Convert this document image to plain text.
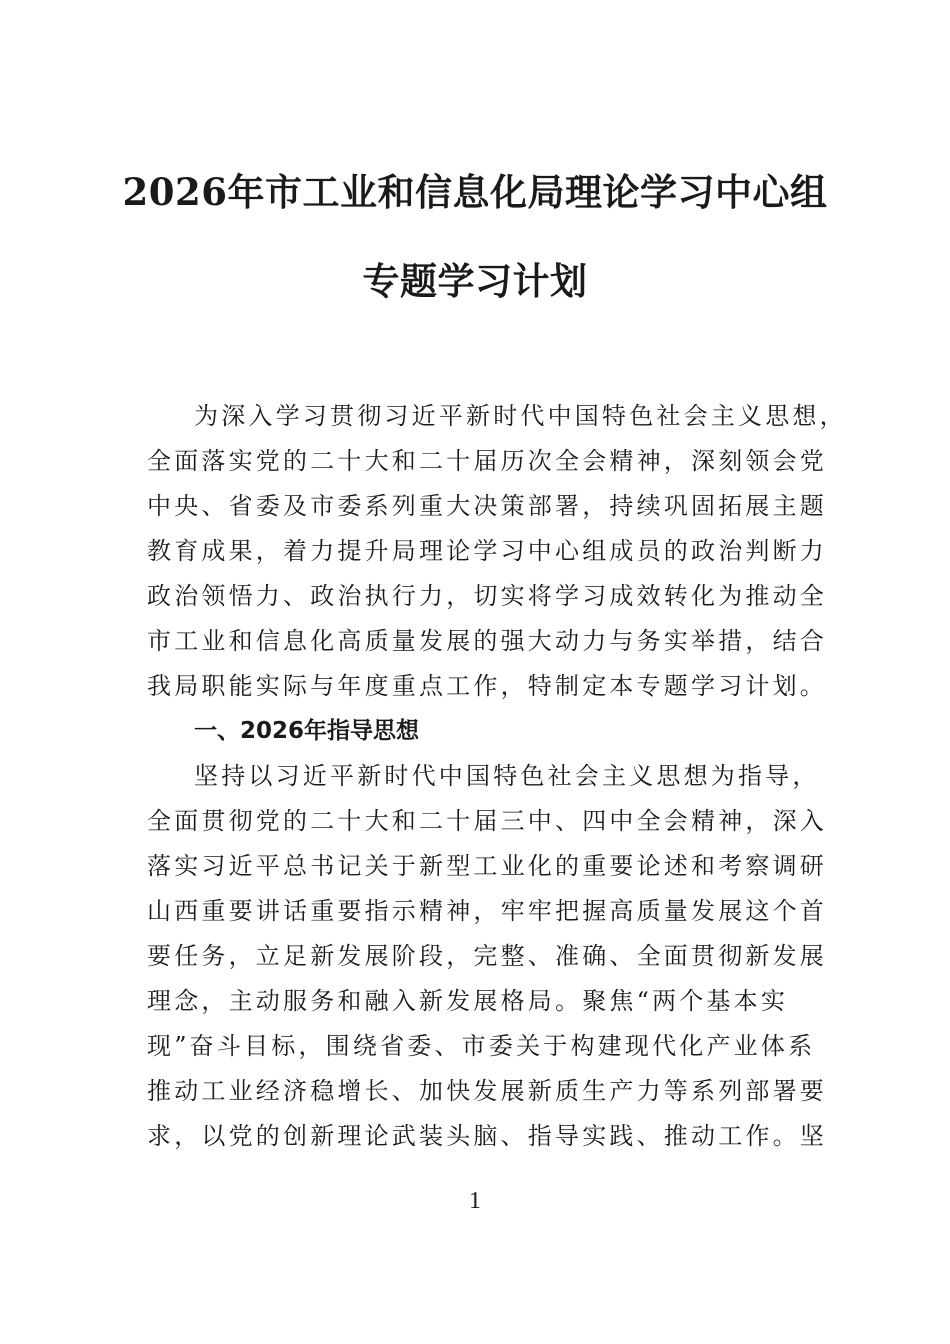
2026年市工业和信息化局理论学习中心组
专题学习计划
为深入学习贯彻习近平新时代中国特色社会主义思想，
全面落实党的二十大和二十届历次全会精神，深刻领会党
中央、省委及市委系列重大决策部署，持续巩固拓展主题
教育成果，着力提升局理论学习中心组成员的政治判断力
政治领悟力、政治执行力，切实将学习成效转化为推动全
市工业和信息化高质量发展的强大动力与务实举措，结合
我局职能实际与年度重点工作，特制定本专题学习计划。
一、2026年指导思想
坚持以习近平新时代中国特色社会主义思想为指导，
全面贯彻党的二十大和二十届三中、四中全会精神，深入
落实习近平总书记关于新型工业化的重要论述和考察调研
山西重要讲话重要指示精神，牢牢把握高质量发展这个首
要任务，立足新发展阶段，完整、准确、全面贯彻新发展
理念，主动服务和融入新发展格局。聚焦“两个基本实
现”奋斗目标，围绕省委、市委关于构建现代化产业体系
推动工业经济稳增长、加快发展新质生产力等系列部署要
求，以党的创新理论武装头脑、指导实践、推动工作。坚
1
